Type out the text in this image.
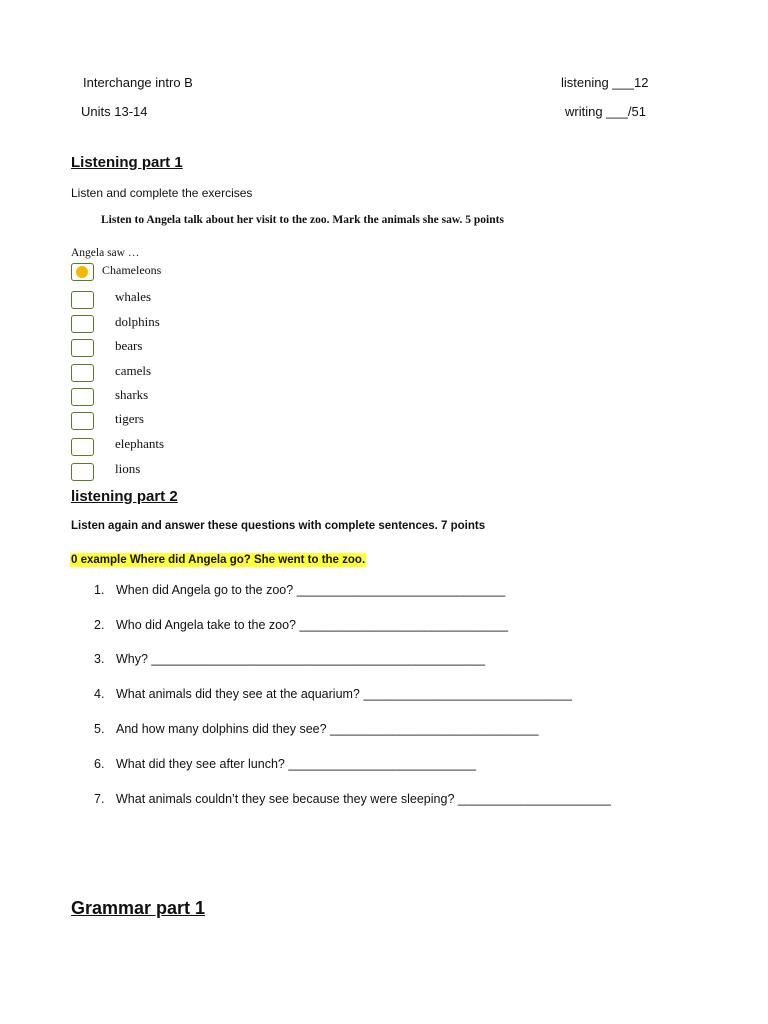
Interchange intro B
Units 13-14
listening ___12
writing ___/51
Listening part 1
Listen and complete the exercises
Listen to Angela talk about her visit to the zoo. Mark the animals she saw. 5 points
Angela saw …
Chameleons
whales
dolphins
bears
camels
sharks
tigers
elephants
lions
listening part 2
Listen again and answer these questions with complete sentences. 7 points
0 example Where did Angela go? She went to the zoo.
1. When did Angela go to the zoo? ______________________________
2. Who did Angela take to the zoo? ______________________________
3. Why? ________________________________________________
4. What animals did they see at the aquarium? ______________________________
5. And how many dolphins did they see? ______________________________
6. What did they see after lunch? ___________________________
7. What animals couldn’t they see because they were sleeping? ______________________
Grammar part 1
